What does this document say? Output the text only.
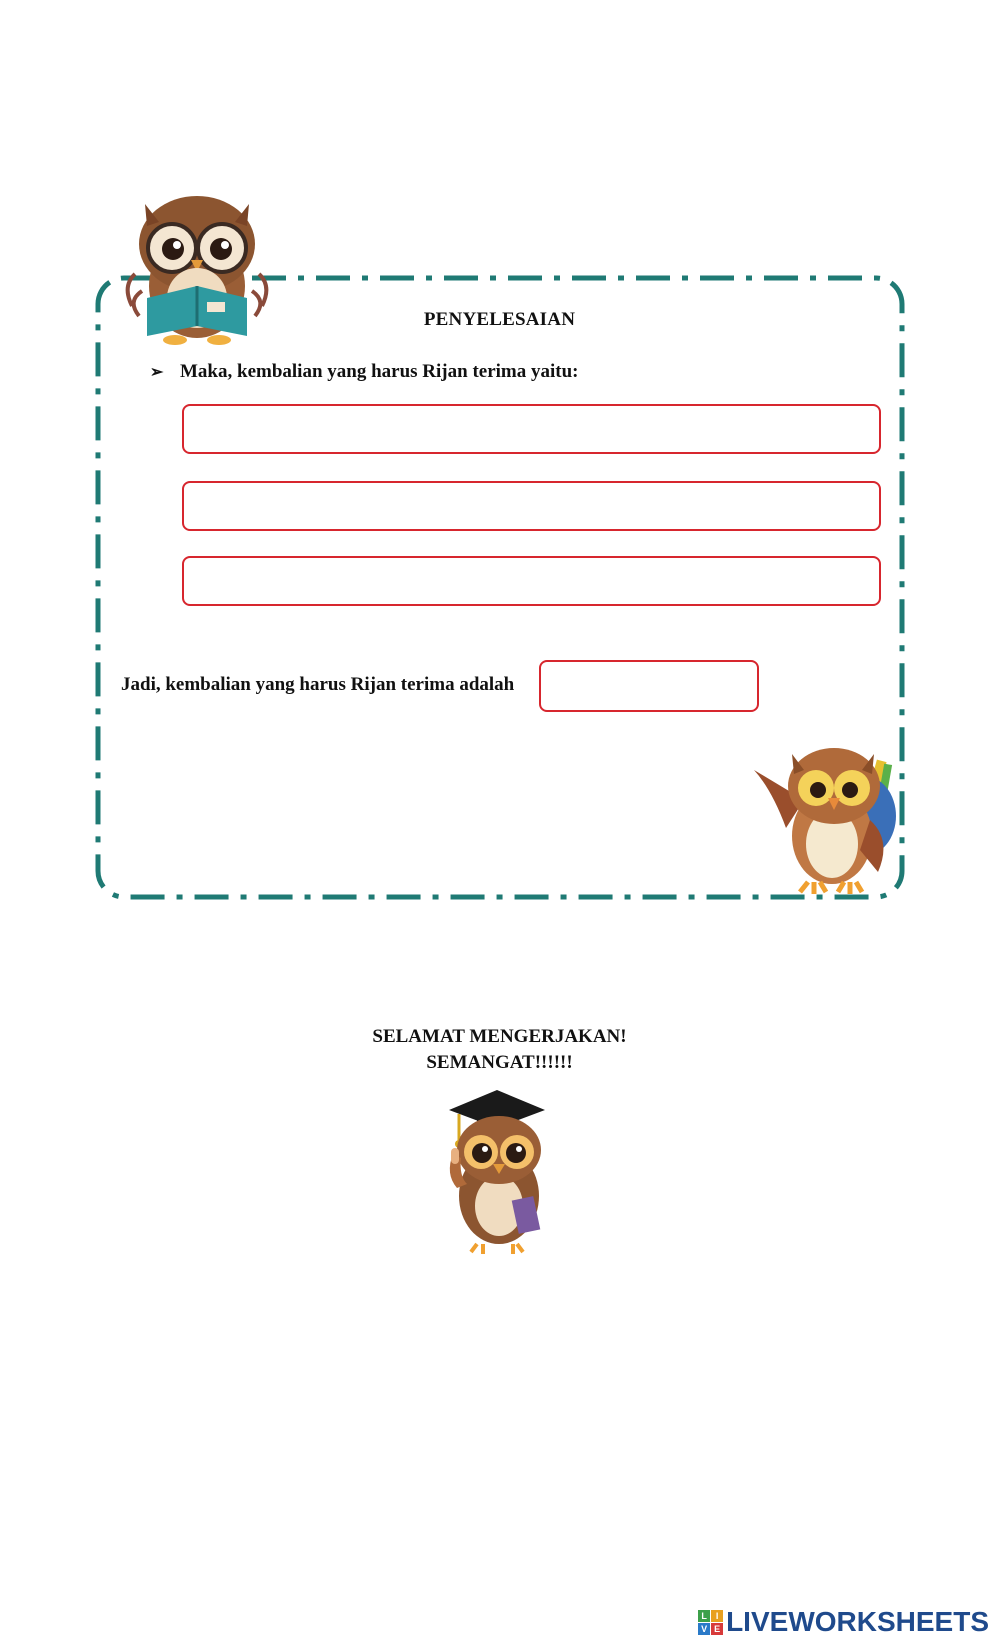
PENYELESAIAN
➢ Maka, kembalian yang harus Rijan terima yaitu:
Jadi, kembalian yang harus Rijan terima adalah
SELAMAT MENGERJAKAN!
SEMANGAT!!!!!!
L I
V E LIVEWORKSHEETS
